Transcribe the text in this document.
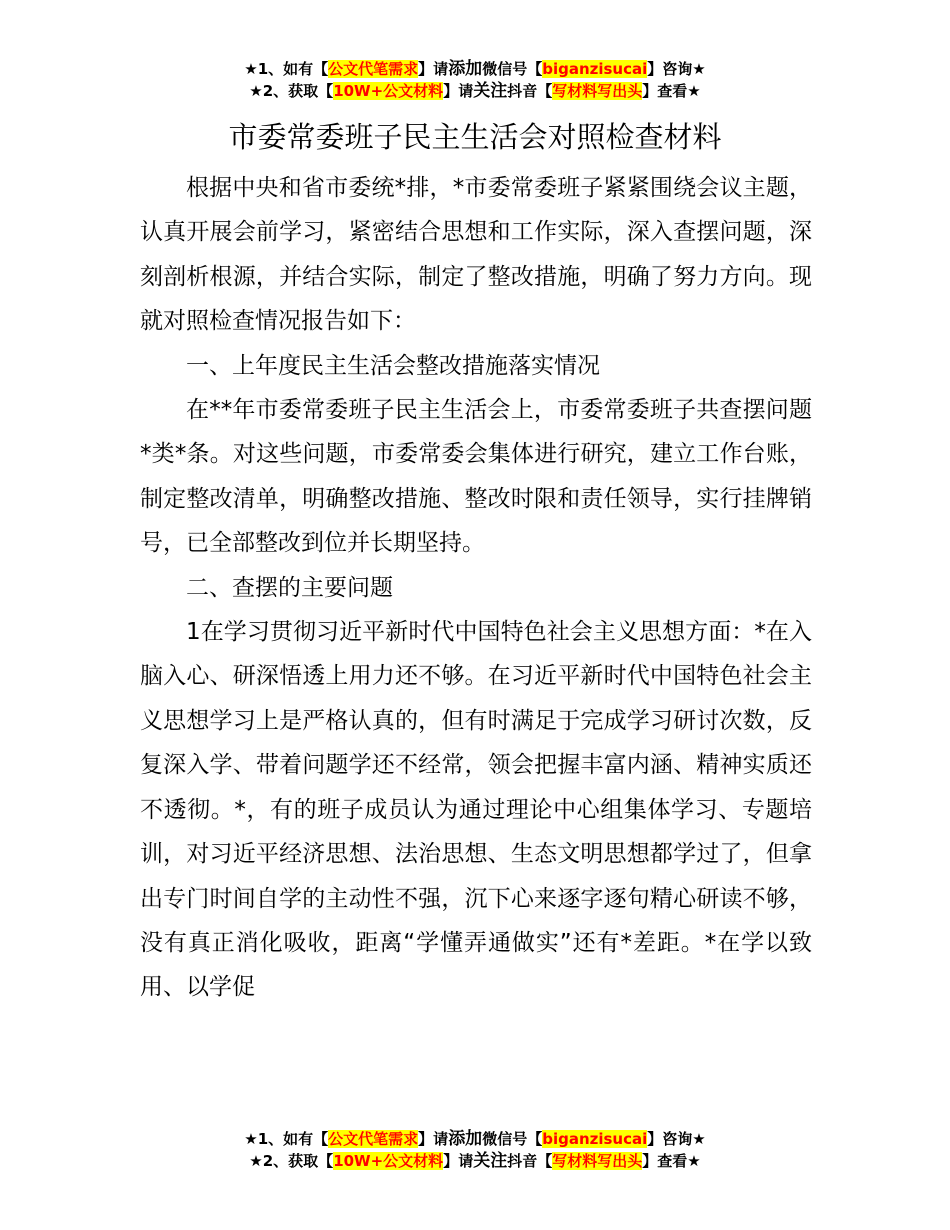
★1、如有【公文代笔需求】请添加微信号【biganzisucai】咨询★
★2、获取【10W+公文材料】请关注抖音【写材料写出头】查看★
市委常委班子民主生活会对照检查材料

根据中央和省市委统*排，*市委常委班子紧紧围绕会议主题，认真开展会前学习，紧密结合思想和工作实际，深入查摆问题，深刻剖析根源，并结合实际，制定了整改措施，明确了努力方向。现就对照检查情况报告如下：

一、上年度民主生活会整改措施落实情况

在**年市委常委班子民主生活会上，市委常委班子共查摆问题*类*条。对这些问题，市委常委会集体进行研究，建立工作台账，制定整改清单，明确整改措施、整改时限和责任领导，实行挂牌销号，已全部整改到位并长期坚持。

二、查摆的主要问题

1在学习贯彻习近平新时代中国特色社会主义思想方面：*在入脑入心、研深悟透上用力还不够。在习近平新时代中国特色社会主义思想学习上是严格认真的，但有时满足于完成学习研讨次数，反复深入学、带着问题学还不经常，领会把握丰富内涵、精神实质还不透彻。*，有的班子成员认为通过理论中心组集体学习、专题培训，对习近平经济思想、法治思想、生态文明思想都学过了，但拿出专门时间自学的主动性不强，沉下心来逐字逐句精心研读不够，没有真正消化吸收，距离“学懂弄通做实”还有*差距。*在学以致用、以学促

★1、如有【公文代笔需求】请添加微信号【biganzisucai】咨询★
★2、获取【10W+公文材料】请关注抖音【写材料写出头】查看★
